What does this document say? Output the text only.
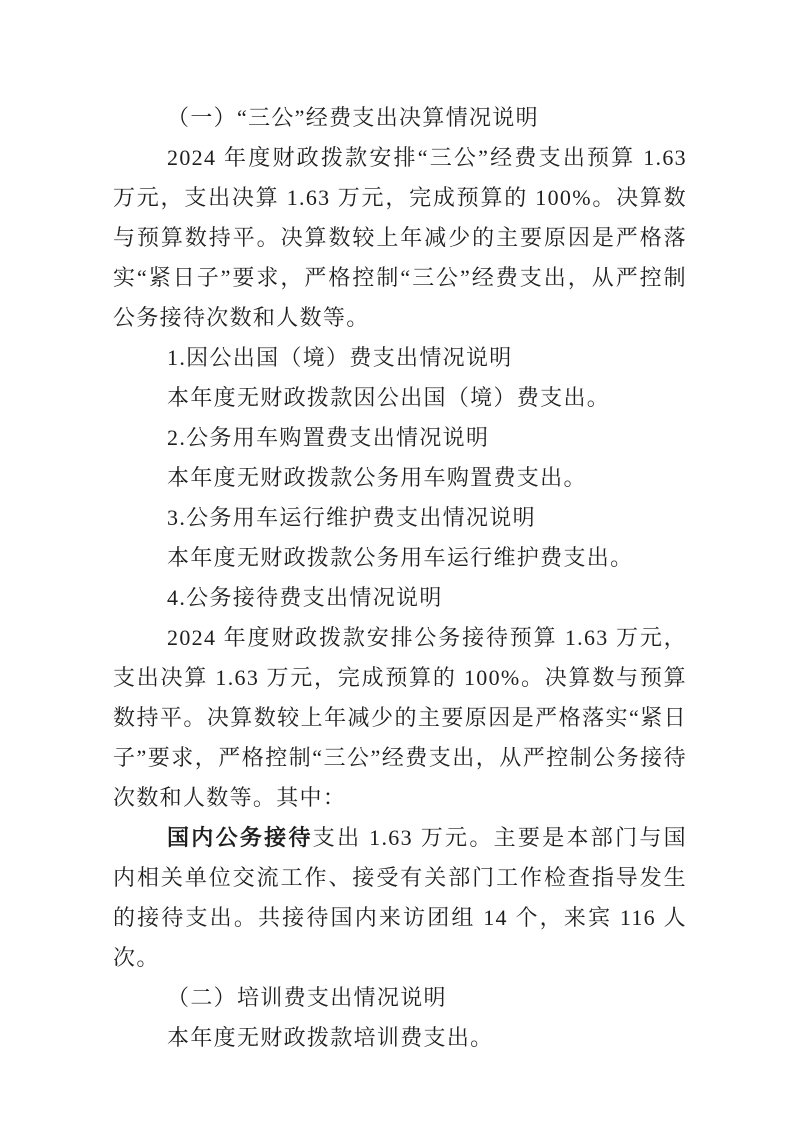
（一）“三公”经费支出决算情况说明

2024 年度财政拨款安排“三公”经费支出预算 1.63 万元，支出决算 1.63 万元，完成预算的 100%。决算数与预算数持平。决算数较上年减少的主要原因是严格落实“紧日子”要求，严格控制“三公”经费支出，从严控制公务接待次数和人数等。

1.因公出国（境）费支出情况说明

本年度无财政拨款因公出国（境）费支出。

2.公务用车购置费支出情况说明

本年度无财政拨款公务用车购置费支出。

3.公务用车运行维护费支出情况说明

本年度无财政拨款公务用车运行维护费支出。

4.公务接待费支出情况说明

2024 年度财政拨款安排公务接待预算 1.63 万元，支出决算 1.63 万元，完成预算的 100%。决算数与预算数持平。决算数较上年减少的主要原因是严格落实“紧日子”要求，严格控制“三公”经费支出，从严控制公务接待次数和人数等。其中：

国内公务接待支出 1.63 万元。主要是本部门与国内相关单位交流工作、接受有关部门工作检查指导发生的接待支出。共接待国内来访团组 14 个，来宾 116 人次。

（二）培训费支出情况说明

本年度无财政拨款培训费支出。
